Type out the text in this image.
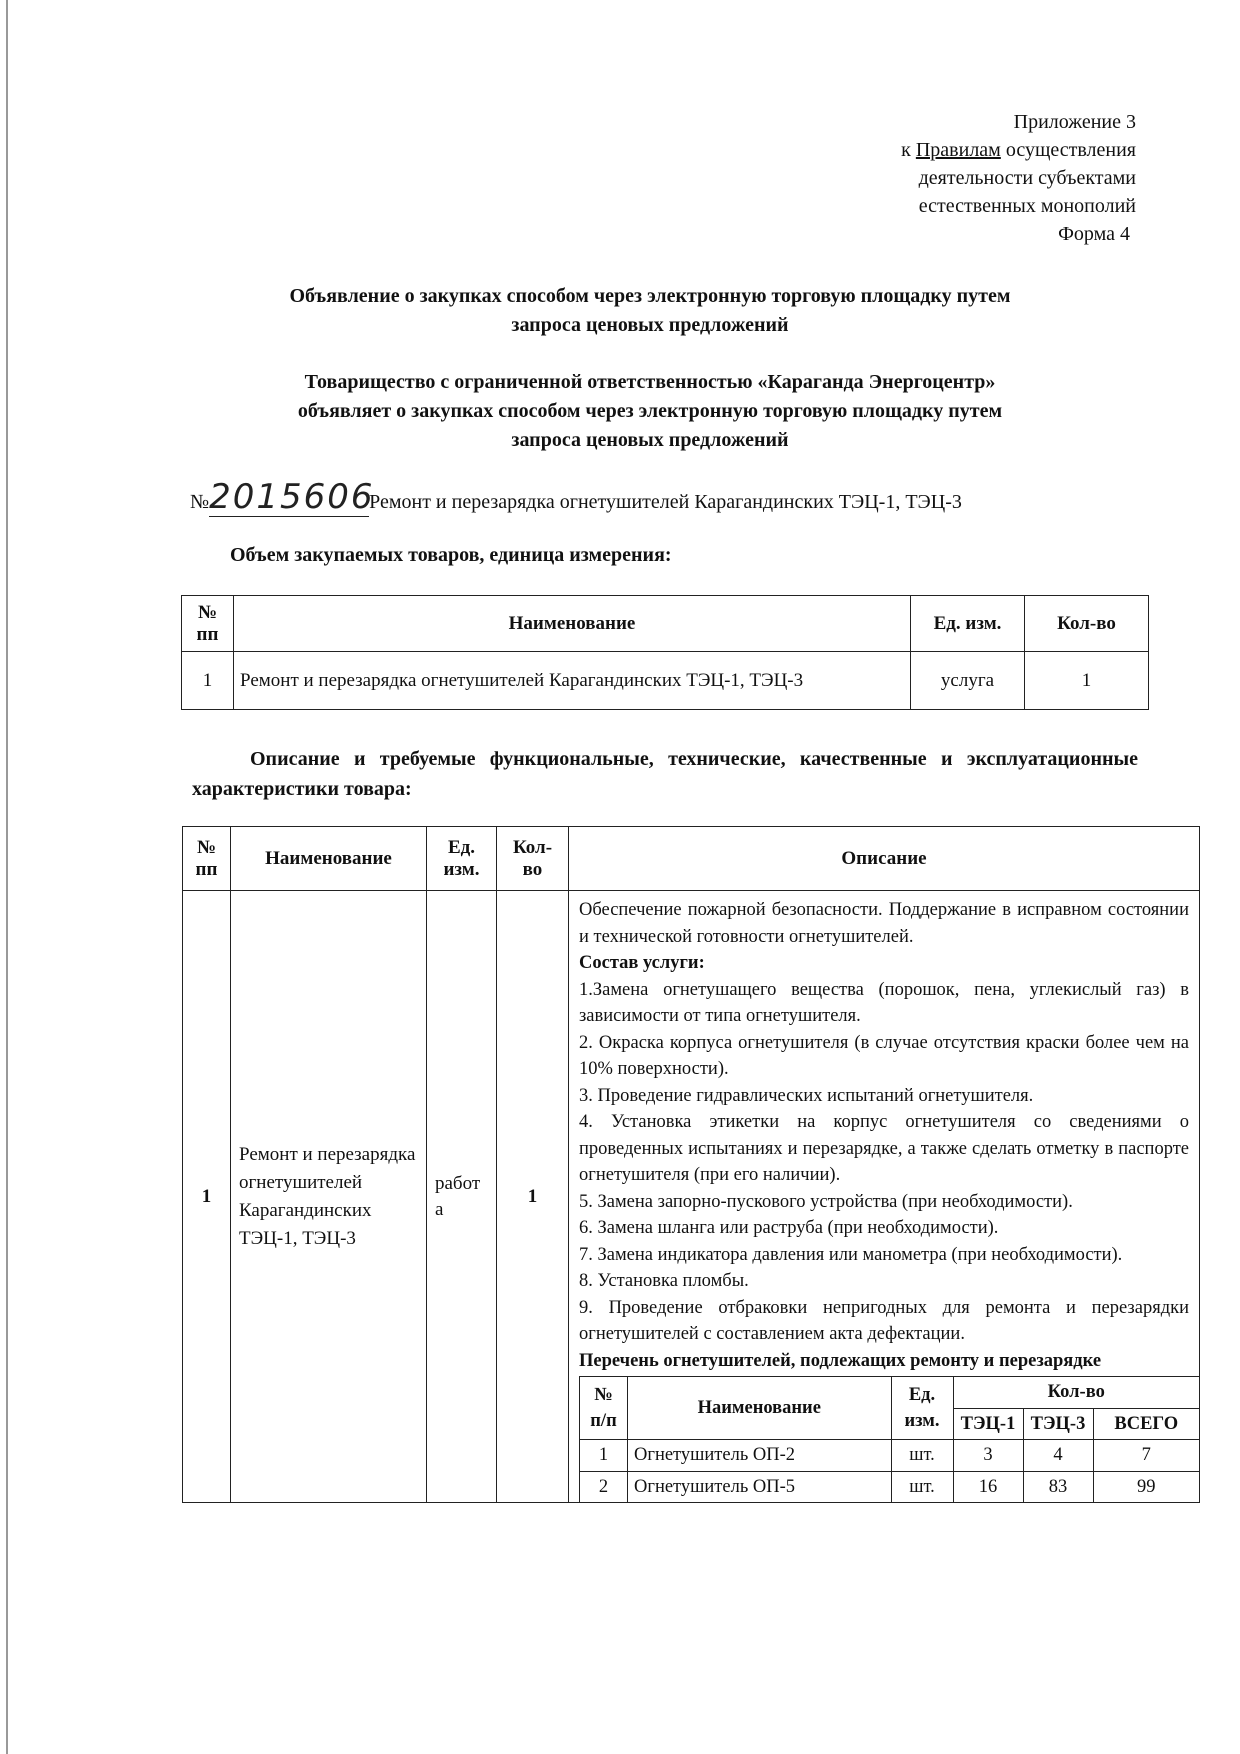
Приложение 3
к Правилам осуществления
деятельности субъектами
естественных монополий
Форма 4
Объявление о закупках способом через электронную торговую площадку путем
запроса ценовых предложений
Товарищество с ограниченной ответственностью «Караганда Энергоцентр»
объявляет о закупках способом через электронную торговую площадку путем
запроса ценовых предложений
№2015606Ремонт и перезарядка огнетушителей Карагандинских ТЭЦ-1, ТЭЦ-3
Объем закупаемых товаров, единица измерения:
№ пп	Наименование	Ед. изм.	Кол-во
1	Ремонт и перезарядка огнетушителей Карагандинских ТЭЦ-1, ТЭЦ-3	услуга	1
Описание и требуемые функциональные, технические, качественные и эксплуатационные характеристики товара:
№ пп	Наименование	Ед. изм.	Кол-во	Описание
1	Ремонт и перезарядка огнетушителей Карагандинских ТЭЦ-1, ТЭЦ-3	работа	1	

Обеспечение пожарной безопасности. Поддержание в исправном состоянии и технической готовности огнетушителей.

Состав услуги:

1.Замена огнетушащего вещества (порошок, пена, углекислый газ) в зависимости от типа огнетушителя.

2. Окраска корпуса огнетушителя (в случае отсутствия краски более чем на 10% поверхности).

3. Проведение гидравлических испытаний огнетушителя.

4. Установка этикетки на корпус огнетушителя со сведениями о проведенных испытаниях и перезарядке, а также сделать отметку в паспорте огнетушителя (при его наличии).

5. Замена запорно-пускового устройства (при необходимости).

6. Замена шланга или раструба (при необходимости).

7. Замена индикатора давления или манометра (при необходимости).

8. Установка пломбы.

9. Проведение отбраковки непригодных для ремонта и перезарядки огнетушителей с составлением акта дефектации.

Перечень огнетушителей, подлежащих ремонту и перезарядке

№ п/п	Наименование	Ед. изм.	Кол-во
ТЭЦ-1	ТЭЦ-3	ВСЕГО
1	Огнетушитель ОП-2	шт.	3	4	7
2	Огнетушитель ОП-5	шт.	16	83	99
